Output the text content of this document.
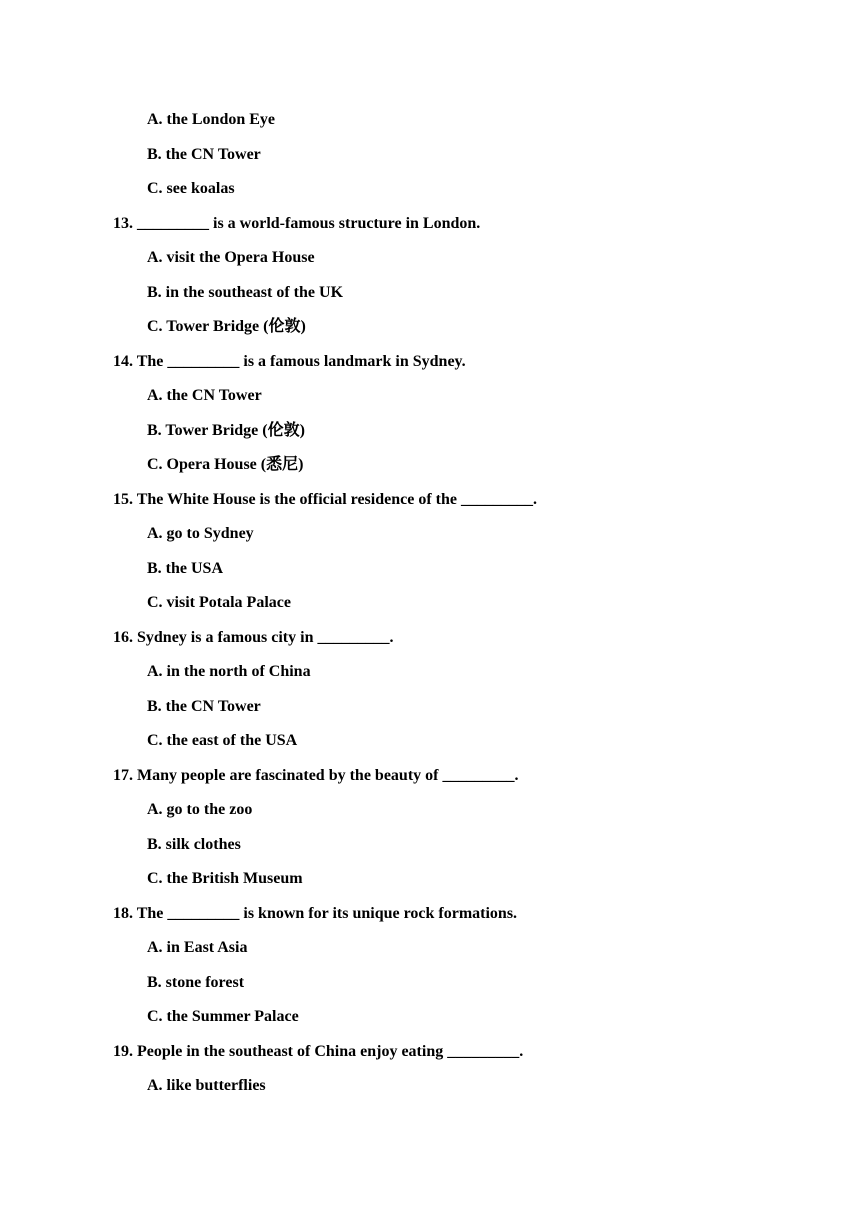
A. the London Eye
B. the CN Tower
C. see koalas
13. _________ is a world-famous structure in London.
A. visit the Opera House
B. in the southeast of the UK
C. Tower Bridge (伦敦)
14. The _________ is a famous landmark in Sydney.
A. the CN Tower
B. Tower Bridge (伦敦)
C. Opera House (悉尼)
15. The White House is the official residence of the _________.
A. go to Sydney
B. the USA
C. visit Potala Palace
16. Sydney is a famous city in _________.
A. in the north of China
B. the CN Tower
C. the east of the USA
17. Many people are fascinated by the beauty of _________.
A. go to the zoo
B. silk clothes
C. the British Museum
18. The _________ is known for its unique rock formations.
A. in East Asia
B. stone forest
C. the Summer Palace
19. People in the southeast of China enjoy eating _________.
A. like butterflies
